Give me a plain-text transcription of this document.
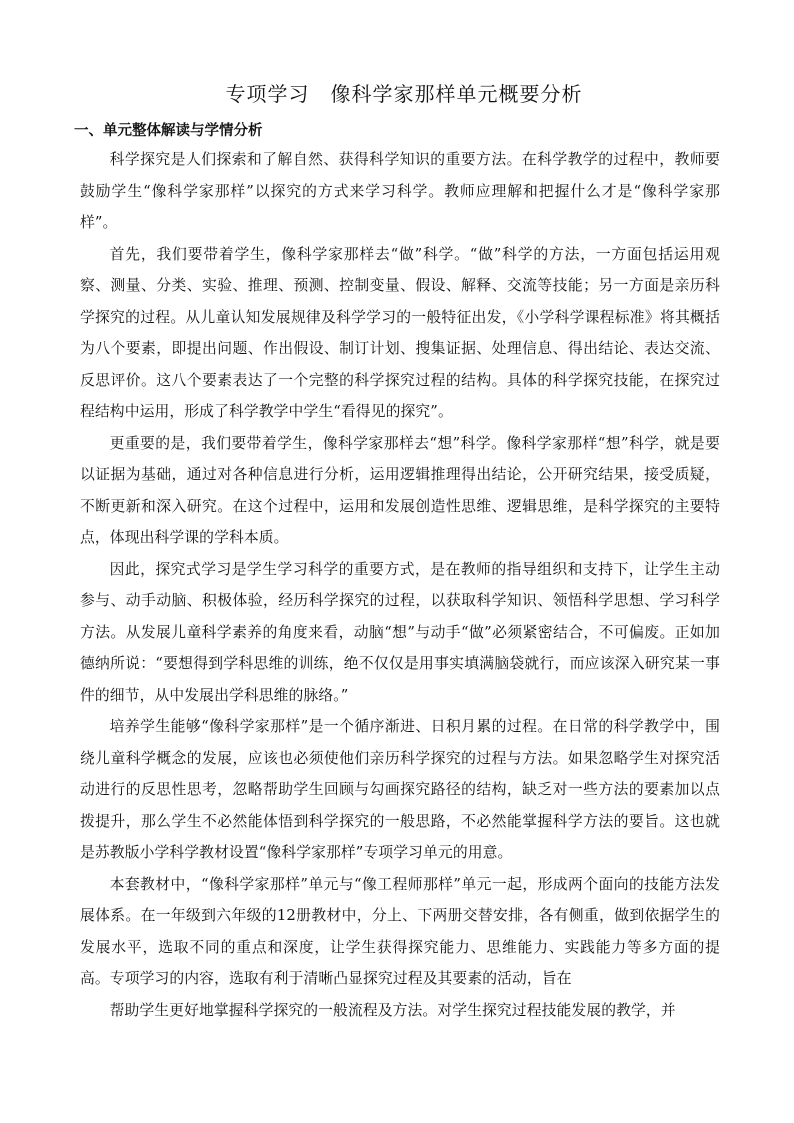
专项学习　像科学家那样单元概要分析
一、单元整体解读与学情分析

科学探究是人们探索和了解自然、获得科学知识的重要方法。在科学教学的过程中，教师要鼓励学生“像科学家那样”以探究的方式来学习科学。教师应理解和把握什么才是“像科学家那样”。

首先，我们要带着学生，像科学家那样去“做”科学。“做”科学的方法，一方面包括运用观察、测量、分类、实验、推理、预测、控制变量、假设、解释、交流等技能；另一方面是亲历科学探究的过程。从儿童认知发展规律及科学学习的一般特征出发，《小学科学课程标准》将其概括为八个要素，即提出问题、作出假设、制订计划、搜集证据、处理信息、得出结论、表达交流、反思评价。这八个要素表达了一个完整的科学探究过程的结构。具体的科学探究技能，在探究过程结构中运用，形成了科学教学中学生“看得见的探究”。

更重要的是，我们要带着学生，像科学家那样去“想”科学。像科学家那样“想”科学，就是要以证据为基础，通过对各种信息进行分析，运用逻辑推理得出结论，公开研究结果，接受质疑，不断更新和深入研究。在这个过程中，运用和发展创造性思维、逻辑思维，是科学探究的主要特点，体现出科学课的学科本质。

因此，探究式学习是学生学习科学的重要方式，是在教师的指导组织和支持下，让学生主动参与、动手动脑、积极体验，经历科学探究的过程，以获取科学知识、领悟科学思想、学习科学方法。从发展儿童科学素养的角度来看，动脑“想”与动手“做”必须紧密结合，不可偏废。正如加德纳所说：“要想得到学科思维的训练，绝不仅仅是用事实填满脑袋就行，而应该深入研究某一事件的细节，从中发展出学科思维的脉络。”

培养学生能够“像科学家那样”是一个循序渐进、日积月累的过程。在日常的科学教学中，围绕儿童科学概念的发展，应该也必须使他们亲历科学探究的过程与方法。如果忽略学生对探究活动进行的反思性思考，忽略帮助学生回顾与勾画探究路径的结构，缺乏对一些方法的要素加以点拨提升，那么学生不必然能体悟到科学探究的一般思路，不必然能掌握科学方法的要旨。这也就是苏教版小学科学教材设置“像科学家那样”专项学习单元的用意。

本套教材中，“像科学家那样”单元与“像工程师那样”单元一起，形成两个面向的技能方法发展体系。在一年级到六年级的12册教材中，分上、下两册交替安排，各有侧重，做到依据学生的发展水平，选取不同的重点和深度，让学生获得探究能力、思维能力、实践能力等多方面的提高。专项学习的内容，选取有利于清晰凸显探究过程及其要素的活动，旨在

帮助学生更好地掌握科学探究的一般流程及方法。对学生探究过程技能发展的教学，并
